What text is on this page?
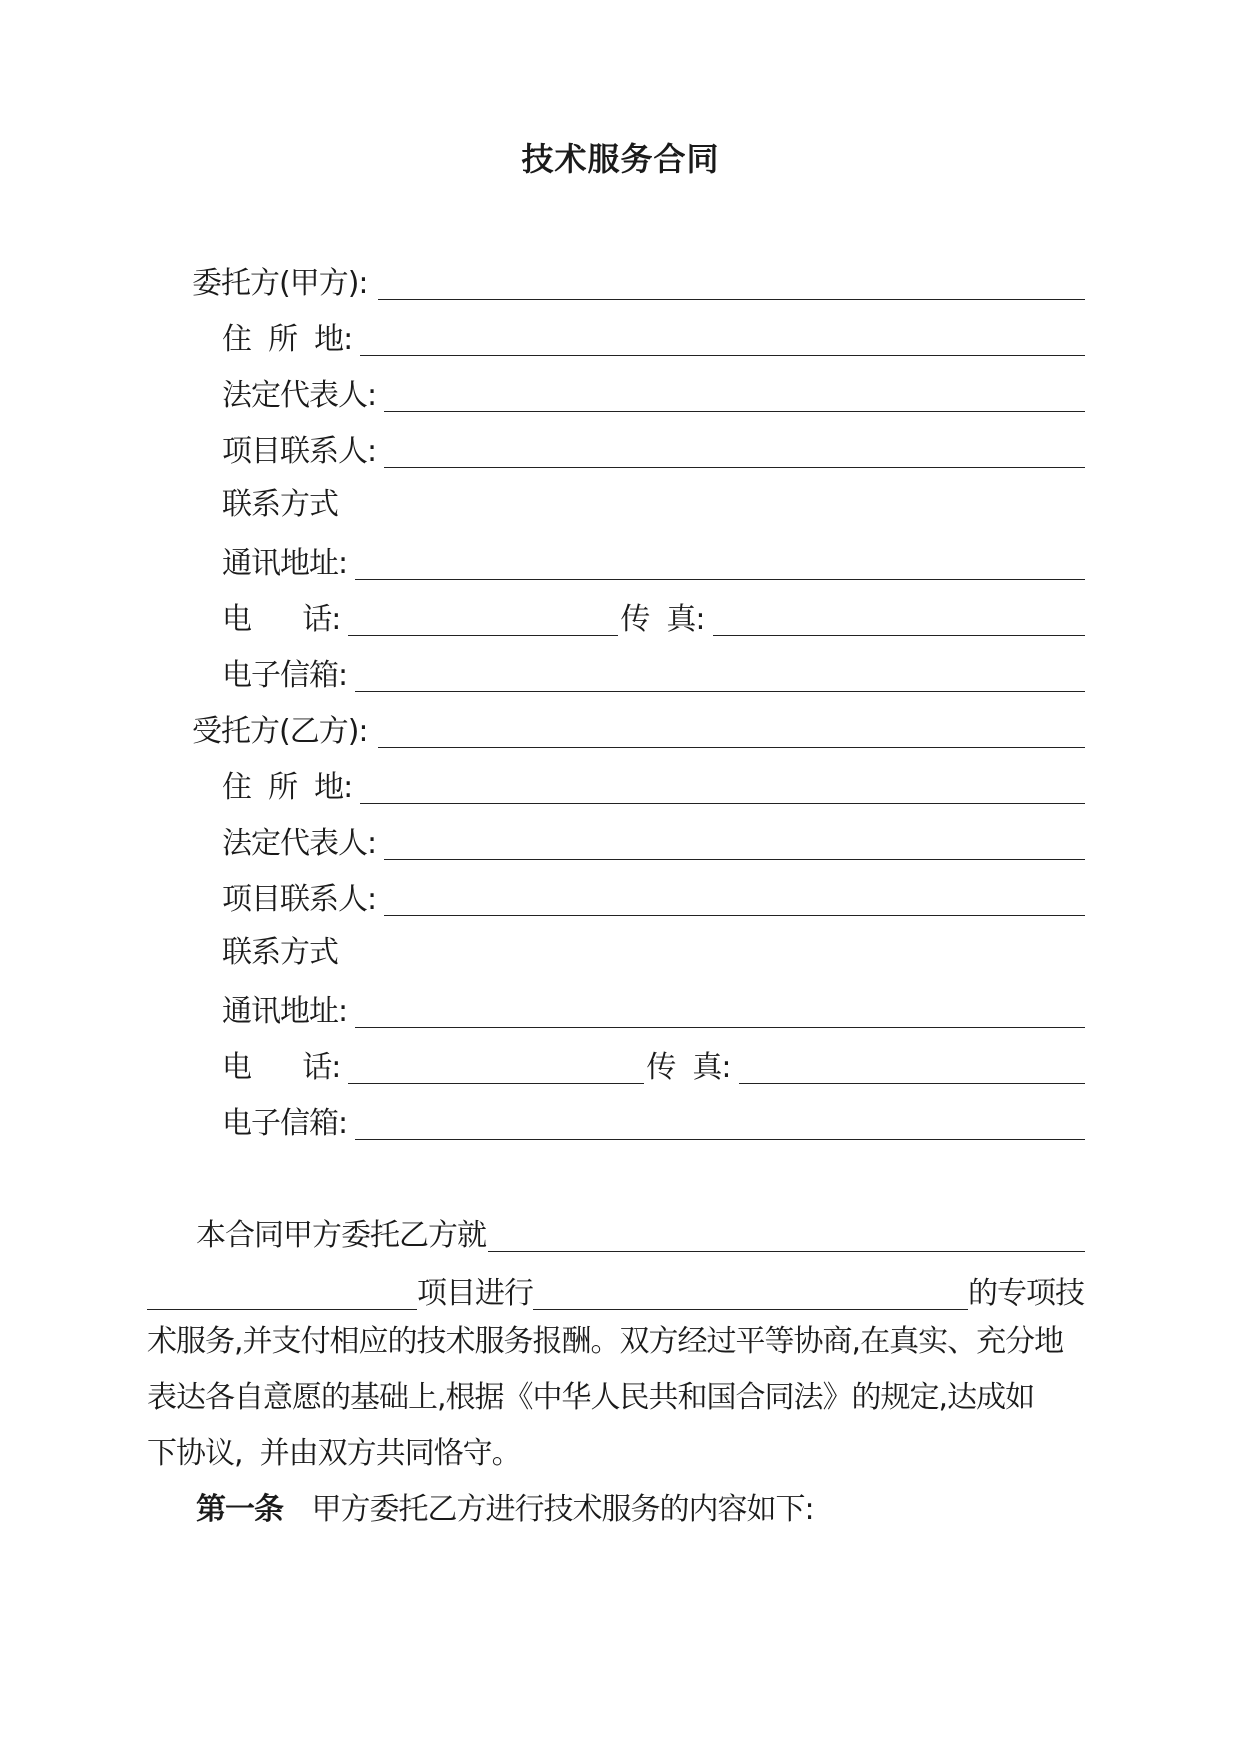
技术服务合同
委托方(甲方):
住  所  地:
法定代表人:
项目联系人:
联系方式
通讯地址:
电      话:	传  真:
电子信箱:
受托方(乙方):
住  所  地:
法定代表人:
项目联系人:
联系方式
通讯地址:
电      话:	传  真:
电子信箱:
本合同甲方委托乙方就
项目进行	的专项技
术服务,并支付相应的技术服务报酬。双方经过平等协商,在真实、充分地
表达各自意愿的基础上,根据《中华人民共和国合同法》的规定,达成如
下协议,  并由双方共同恪守。
第一条 甲方委托乙方进行技术服务的内容如下:
